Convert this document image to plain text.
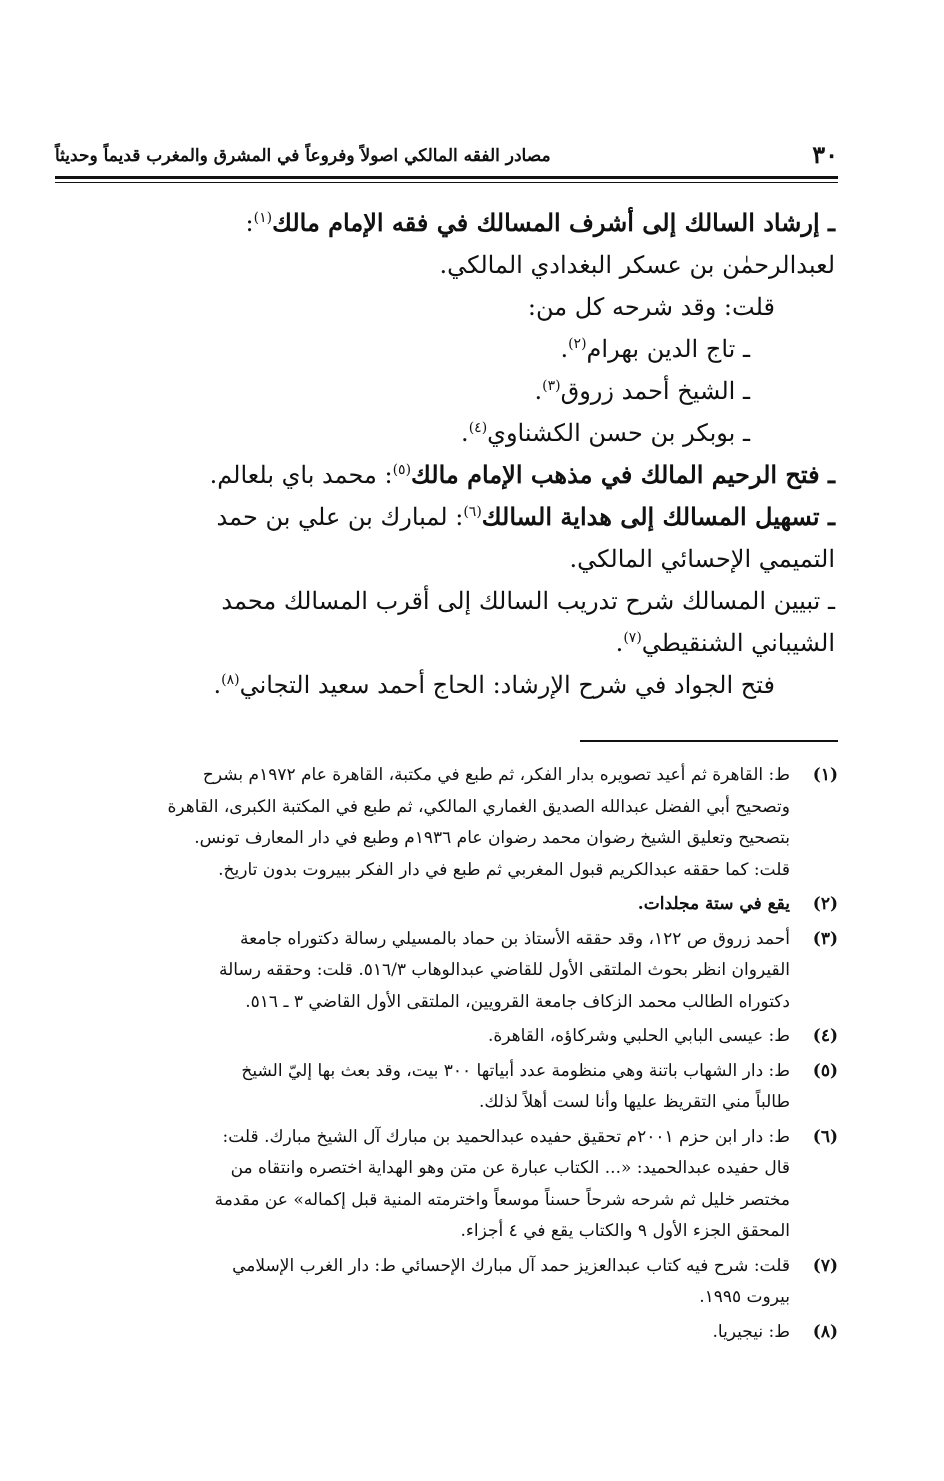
٣٠
مصادر الفقه المالكي اصولاً وفروعاً في المشرق والمغرب قديماً وحديثاً

ـ إرشاد السالك إلى أشرف المسالك في فقه الإمام مالك$^{(١)}$:

لعبدالرحمٰن بن عسكر البغدادي المالكي.

قلت: وقد شرحه كل من:

ـ تاج الدين بهرام$^{(٢)}$.

ـ الشيخ أحمد زروق$^{(٣)}$.

ـ بوبكر بن حسن الكشناوي$^{(٤)}$.

ـ فتح الرحيم المالك في مذهب الإمام مالك$^{(٥)}$: محمد باي بلعالم.

ـ تسهيل المسالك إلى هداية السالك$^{(٦)}$: لمبارك بن علي بن حمد

التميمي الإحسائي المالكي.

ـ تبيين المسالك شرح تدريب السالك إلى أقرب المسالك محمد

الشيباني الشنقيطي$^{(٧)}$.

فتح الجواد في شرح الإرشاد: الحاج أحمد سعيد التجاني$^{(٨)}$.

(١)
ط: القاهرة ثم أعيد تصويره بدار الفكر، ثم طبع في مكتبة، القاهرة عام ١٩٧٢م بشرح
وتصحيح أبي الفضل عبدالله الصديق الغماري المالكي، ثم طبع في المكتبة الكبرى، القاهرة
بتصحيح وتعليق الشيخ رضوان محمد رضوان عام ١٩٣٦م وطبع في دار المعارف تونس.
قلت: كما حققه عبدالكريم قبول المغربي ثم طبع في دار الفكر ببيروت بدون تاريخ.
(٢)
يقع في ستة مجلدات.
(٣)
أحمد زروق ص ١٢٢، وقد حققه الأستاذ بن حماد بالمسيلي رسالة دكتوراه جامعة
القيروان انظر بحوث الملتقى الأول للقاضي عبدالوهاب ٥١٦/٣. قلت: وحققه رسالة
دكتوراه الطالب محمد الزكاف جامعة القرويين، الملتقى الأول القاضي ٣ ـ ٥١٦.
(٤)
ط: عيسى البابي الحلبي وشركاؤه، القاهرة.
(٥)
ط: دار الشهاب باتنة وهي منظومة عدد أبياتها ٣٠٠ بيت، وقد بعث بها إليّ الشيخ
طالباً مني التقريظ عليها وأنا لست أهلاً لذلك.
(٦)
ط: دار ابن حزم ٢٠٠١م تحقيق حفيده عبدالحميد بن مبارك آل الشيخ مبارك. قلت:
قال حفيده عبدالحميد: «... الكتاب عبارة عن متن وهو الهداية اختصره وانتقاه من
مختصر خليل ثم شرحه شرحاً حسناً موسعاً واخترمته المنية قبل إكماله» عن مقدمة
المحقق الجزء الأول ٩ والكتاب يقع في ٤ أجزاء.
(٧)
قلت: شرح فيه كتاب عبدالعزيز حمد آل مبارك الإحسائي ط: دار الغرب الإسلامي
بيروت ١٩٩٥.
(٨)
ط: نيجيريا.
